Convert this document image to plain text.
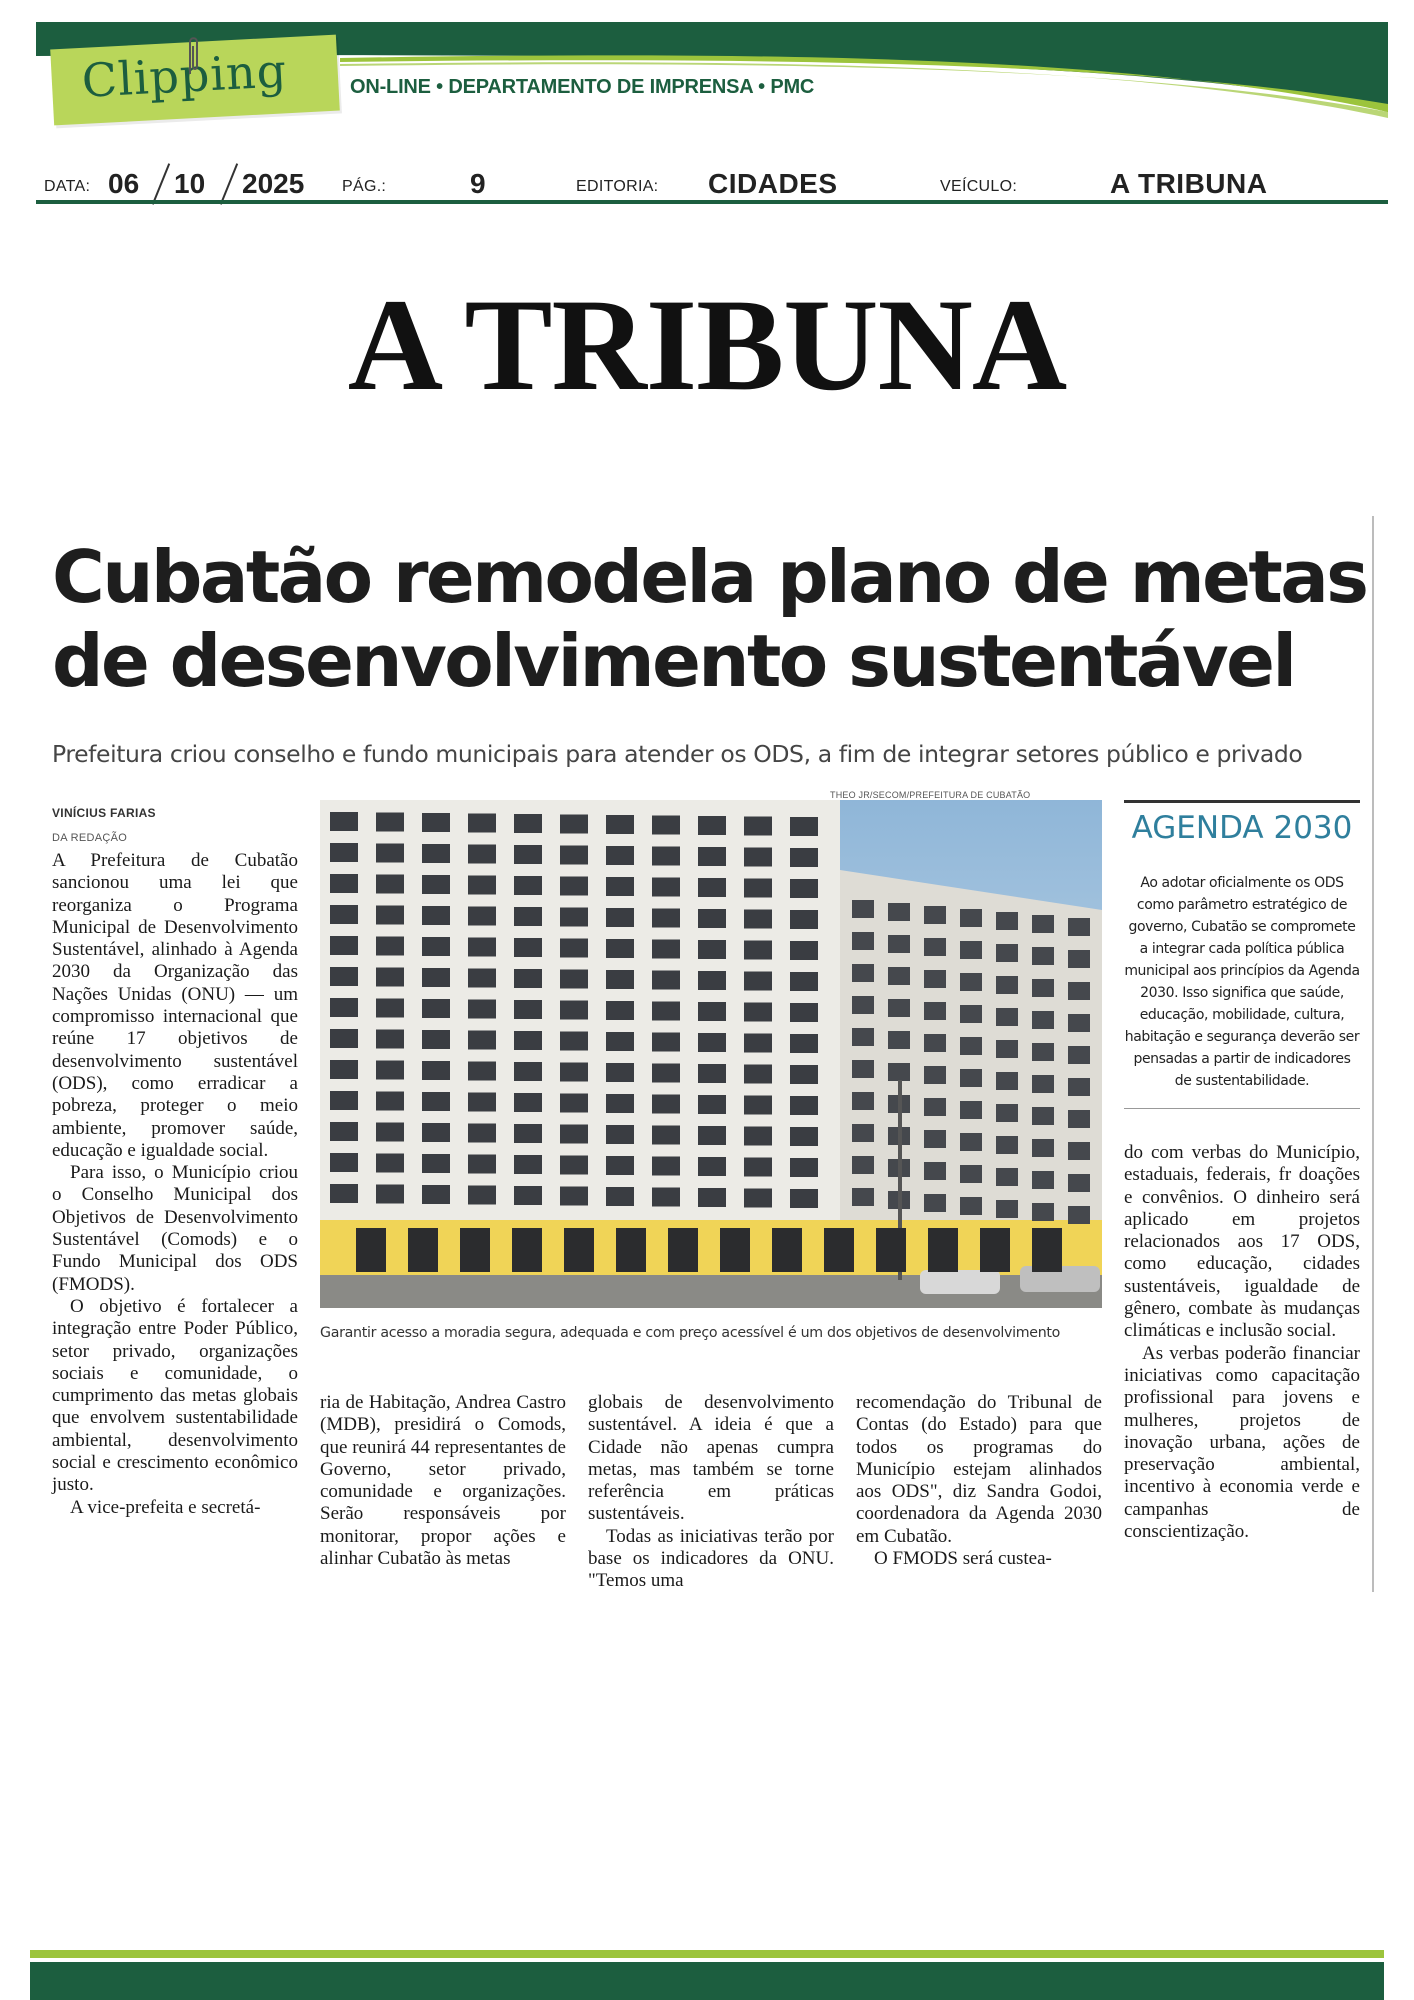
Clipping	ON-LINE • DEPARTAMENTO DE IMPRENSA • PMC
DATA: 06 10 2025 PÁG.:	9	EDITORIA: CIDADES	VEÍCULO:	A TRIBUNA
A TRIBUNA
Cubatão remodela plano de metas de desenvolvimento sustentável
Prefeitura criou conselho e fundo municipais para atender os ODS, a fim de integrar setores público e privado
VINÍCIUS FARIAS
DA REDAÇÃO

A Prefeitura de Cubatão sancionou uma lei que reorganiza o Programa Municipal de Desenvolvimento Sustentável, alinhado à Agenda 2030 da Organização das Nações Unidas (ONU) — um compromisso internacional que reúne 17 objetivos de desenvolvimento sustentável (ODS), como erradicar a pobreza, proteger o meio ambiente, promover saúde, educação e igualdade social.

Para isso, o Município criou o Conselho Municipal dos Objetivos de Desenvolvimento Sustentável (Comods) e o Fundo Municipal dos ODS (FMODS).

O objetivo é fortalecer a integração entre Poder Público, setor privado, organizações sociais e comunidade, o cumprimento das metas globais que envolvem sustentabilidade ambiental, desenvolvimento social e crescimento econômico justo.

A vice-prefeita e secretá-

THEO JR/SECOM/PREFEITURA DE CUBATÃO
Garantir acesso a moradia segura, adequada e com preço acessível é um dos objetivos de desenvolvimento
AGENDA 2030
Ao adotar oficialmente os ODS como parâmetro estratégico de governo, Cubatão se compromete a integrar cada política pública municipal aos princípios da Agenda 2030. Isso significa que saúde, educação, mobilidade, cultura, habitação e segurança deverão ser pensadas a partir de indicadores de sustentabilidade.

ria de Habitação, Andrea Castro (MDB), presidirá o Comods, que reunirá 44 representantes de Governo, setor privado, comunidade e organizações. Serão responsáveis por monitorar, propor ações e alinhar Cubatão às metas

globais de desenvolvimento sustentável. A ideia é que a Cidade não apenas cumpra metas, mas também se torne referência em práticas sustentáveis.

Todas as iniciativas terão por base os indicadores da ONU. "Temos uma

recomendação do Tribunal de Contas (do Estado) para que todos os programas do Município estejam alinhados aos ODS", diz Sandra Godoi, coordenadora da Agenda 2030 em Cubatão.

O FMODS será custea-

do com verbas do Município, estaduais, federais, fr doações e convênios. O dinheiro será aplicado em projetos relacionados aos 17 ODS, como educação, cidades sustentáveis, igualdade de gênero, combate às mudanças climáticas e inclusão social.

As verbas poderão financiar iniciativas como capacitação profissional para jovens e mulheres, projetos de inovação urbana, ações de preservação ambiental, incentivo à economia verde e campanhas de conscientização.
